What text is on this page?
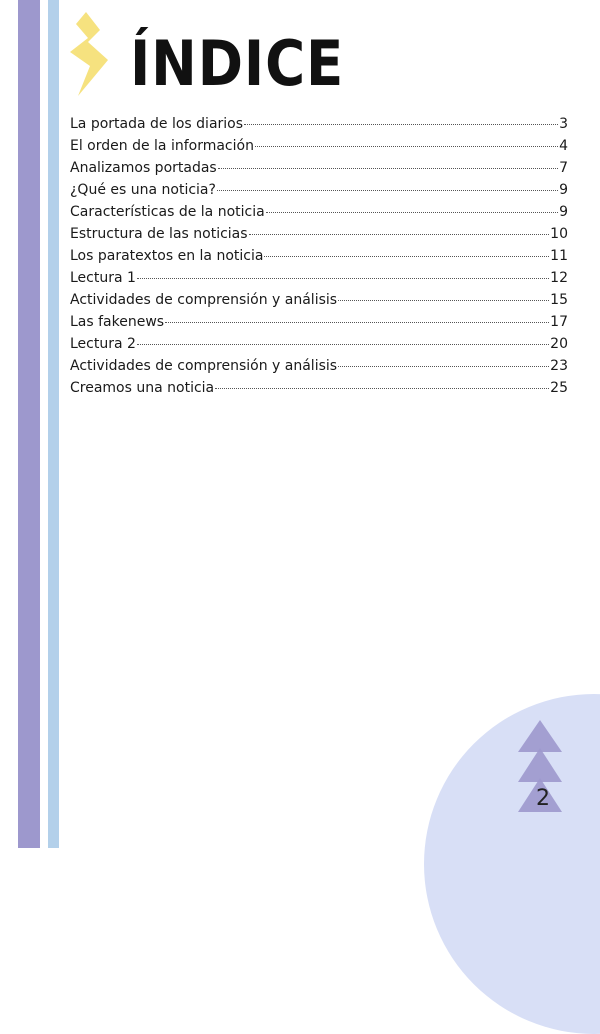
ÍNDICE
La portada de los diarios	3
El orden de la información	4
Analizamos portadas	7
¿Qué es una noticia?	9
Características de la noticia	9
Estructura de las noticias	10
Los paratextos en la noticia	11
Lectura 1	12
Actividades de comprensión y análisis	15
Las fakenews	17
Lectura 2	20
Actividades de comprensión y análisis	23
Creamos una noticia	25
2
